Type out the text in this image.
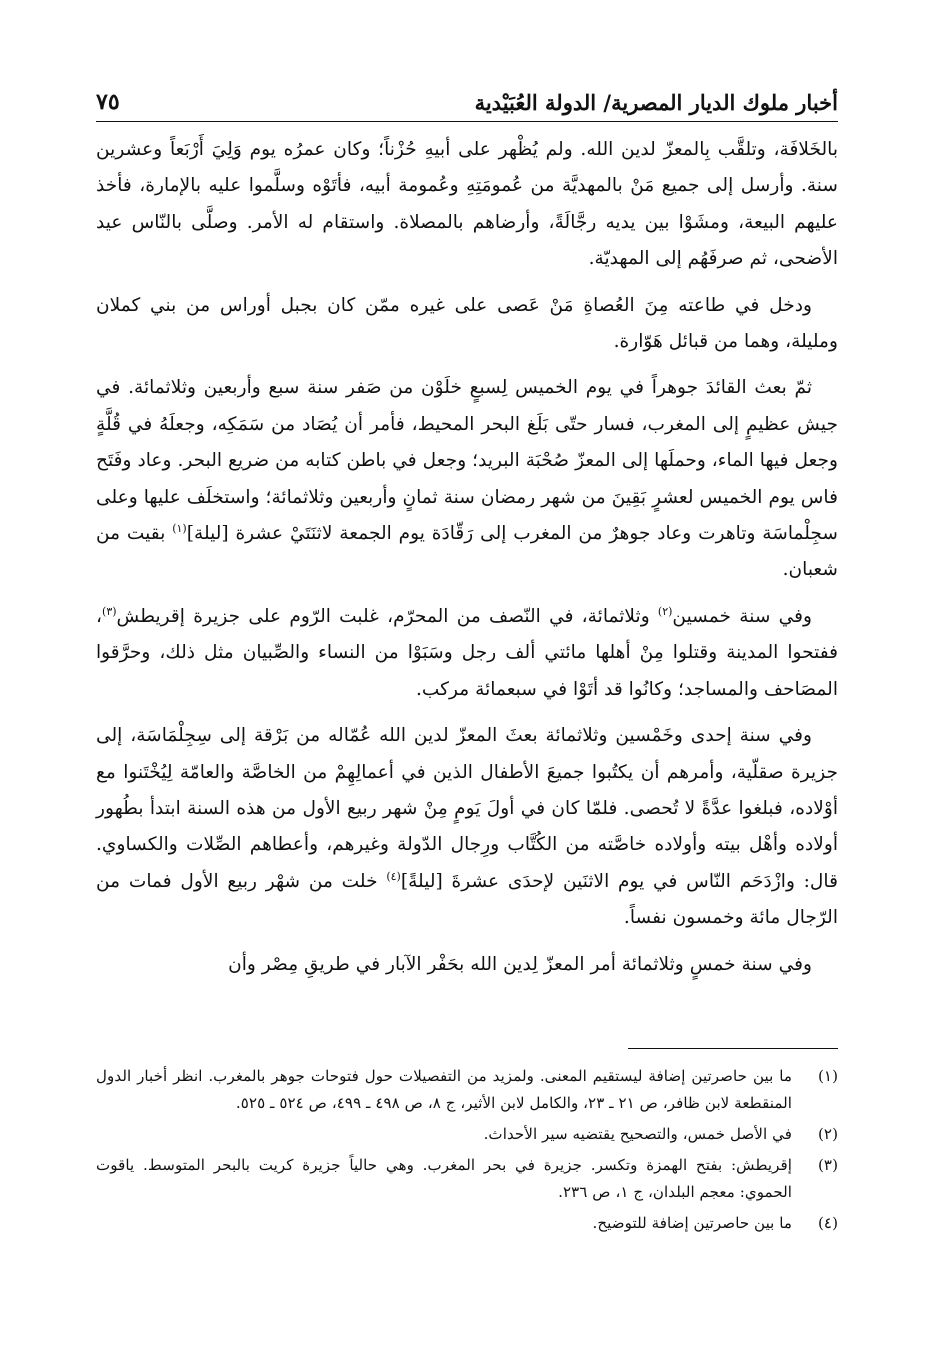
أخبار ملوك الديار المصرية/ الدولة العُبَيْدية
٧٥

بالخَلافَة، وتلقَّب بِالمعزّ لدين الله. ولم يُظْهر على أبيهِ حُزْناً؛ وكان عمرُه يوم وَلِيَ أَرْبَعاً وعشرين سنة. وأرسل إلى جميع مَنْ بالمهديَّة من عُمومَتِهِ وعُمومة أبيه، فأتَوْه وسلَّموا عليه بالإمارة، فأخذ عليهم البيعة، ومشَوْا بين يديه رجَّالَةً، وأرضاهم بالمصلاة. واستقام له الأمر. وصلَّى بالنّاس عيد الأضحى، ثم صرفَهُم إلى المهديّة.

ودخل في طاعته مِنَ العُصاةِ مَنْ عَصى على غيره ممّن كان بجبل أوراس من بني كملان ومليلة، وهما من قبائل هَوّارة.

ثمّ بعث القائدَ جوهراً في يوم الخميس لِسبعٍ خلَوْن من صَفر سنة سبع وأربعين وثلاثمائة. في جيش عظيمٍ إلى المغرب، فسار حتّى بَلَغ البحر المحيط، فأمر أن يُصَاد من سَمَكِه، وجعلَهُ في قُلَّةٍ وجعل فيها الماء، وحملَها إلى المعزّ صُحْبَة البريد؛ وجعل في باطن كتابه من ضريع البحر. وعاد وفَتَح فاس يوم الخميس لعشرٍ بَقِينَ من شهر رمضان سنة ثمانٍ وأربعين وثلاثمائة؛ واستخلَف عليها وعلى سجِلْماسَة وتاهرت وعاد جوهرٌ من المغرب إلى رَقّادَة يوم الجمعة لاثنَتَيْ عشرة [ليلة]$^{(١)}$ بقيت من شعبان.

وفي سنة خمسين$^{(٢)}$ وثلاثمائة، في النّصف من المحرّم، غلبت الرّوم على جزيرة إقريطش$^{(٣)}$، ففتحوا المدينة وقتلوا مِنْ أهلها مائتي ألف رجل وسَبَوْا من النساء والصِّبيان مثل ذلك، وحرَّقوا المصَاحف والمساجد؛ وكانُوا قد أتَوْا في سبعمائة مركب.

وفي سنة إحدى وخَمْسين وثلاثمائة بعثَ المعزّ لدين الله عُمّاله من بَرْقة إلى سِجِلْمَاسَة، إلى جزيرة صقلّية، وأمرهم أن يكتُبوا جميعَ الأطفال الذين في أعمالِهِمْ من الخاصَّة والعامّة لِيُخْتَنوا مع أوْلاده، فبلغوا عدَّةً لا تُحصى. فلمّا كان في أولَ يَومٍ مِنْ شهر ربيع الأول من هذه السنة ابتدأ بطُهور أولاده وأهْل بيته وأولاده خاصَّته من الكُتَّاب ورِجال الدّولة وغيرهم، وأعطاهم الصِّلات والكساوي. قال: وازْدَحَم النّاس في يوم الاثنَين لإحدَى عشرةَ [ليلةً]$^{(٤)}$ خلت من شهْر ربيع الأول فمات من الرّجال مائة وخمسون نفساً.

وفي سنة خمسٍ وثلاثمائة أمر المعزّ لِدين الله بحَفْر الآبار في طريقِ مِصْر وأن

(١)
ما بين حاصرتين إضافة ليستقيم المعنى. ولمزيد من التفصيلات حول فتوحات جوهر بالمغرب. انظر أخبار الدول المنقطعة لابن ظافر، ص ٢١ ـ ٢٣، والكامل لابن الأثير، ج ٨، ص ٤٩٨ ـ ٤٩٩، ص ٥٢٤ ـ ٥٢٥.
(٢)
في الأصل خمس، والتصحيح يقتضيه سير الأحداث.
(٣)
إقريطش: بفتح الهمزة وتكسر. جزيرة في بحر المغرب. وهي حالياً جزيرة كريت بالبحر المتوسط. ياقوت الحموي: معجم البلدان، ج ١، ص ٢٣٦.
(٤)
ما بين حاصرتين إضافة للتوضيح.
